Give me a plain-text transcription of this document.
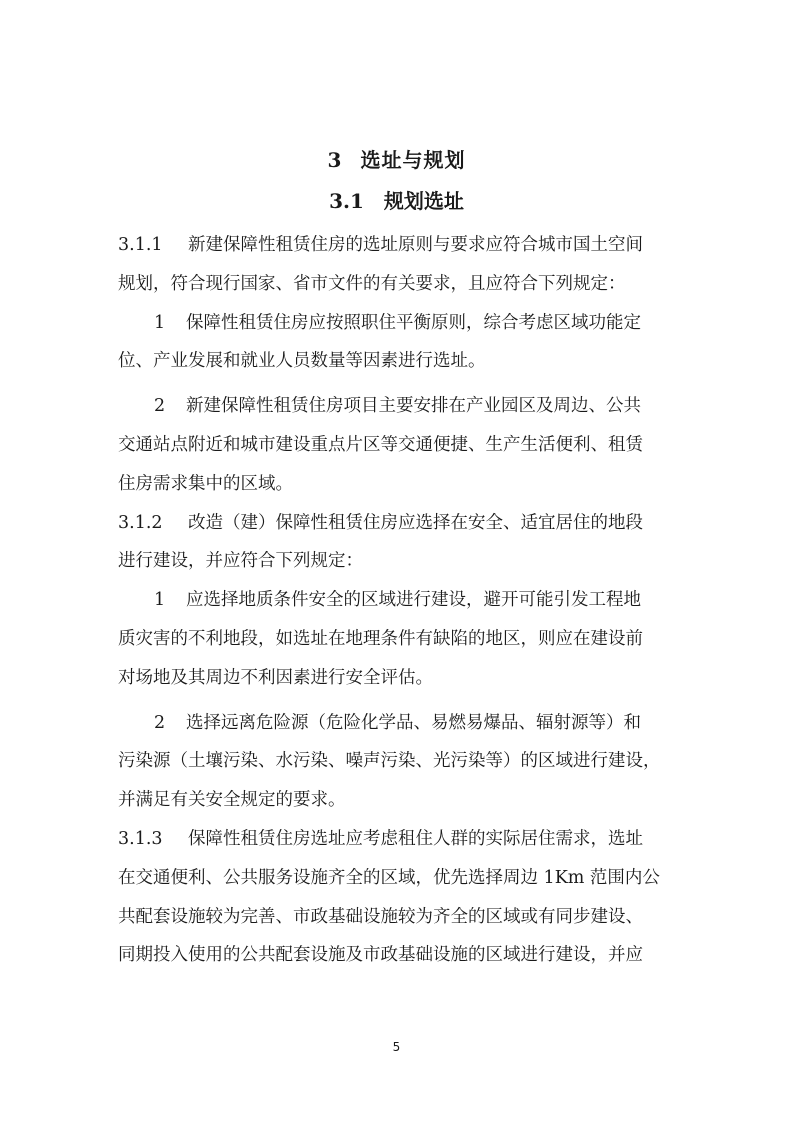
3 选址与规划
3.1 规划选址
3.1.1 新建保障性租赁住房的选址原则与要求应符合城市国土空间
规划，符合现行国家、省市文件的有关要求，且应符合下列规定：
1 保障性租赁住房应按照职住平衡原则，综合考虑区域功能定
位、产业发展和就业人员数量等因素进行选址。
2 新建保障性租赁住房项目主要安排在产业园区及周边、公共
交通站点附近和城市建设重点片区等交通便捷、生产生活便利、租赁
住房需求集中的区域。
3.1.2 改造（建）保障性租赁住房应选择在安全、适宜居住的地段
进行建设，并应符合下列规定：
1 应选择地质条件安全的区域进行建设，避开可能引发工程地
质灾害的不利地段，如选址在地理条件有缺陷的地区，则应在建设前
对场地及其周边不利因素进行安全评估。
2 选择远离危险源（危险化学品、易燃易爆品、辐射源等）和
污染源（土壤污染、水污染、噪声污染、光污染等）的区域进行建设，
并满足有关安全规定的要求。
3.1.3 保障性租赁住房选址应考虑租住人群的实际居住需求，选址
在交通便利、公共服务设施齐全的区域，优先选择周边 1Km 范围内公
共配套设施较为完善、市政基础设施较为齐全的区域或有同步建设、
同期投入使用的公共配套设施及市政基础设施的区域进行建设，并应
5
